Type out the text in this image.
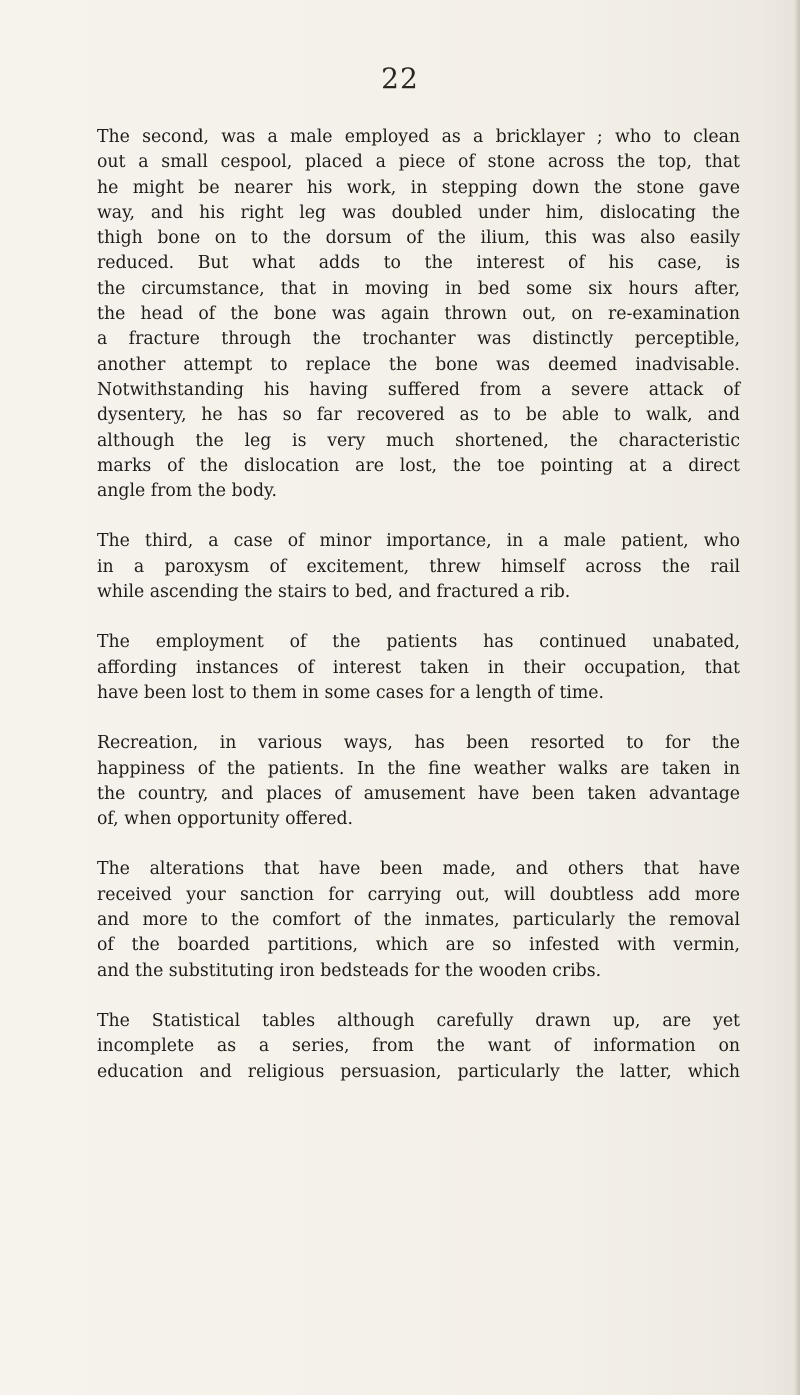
22

The second, was a male employed as a bricklayer ; who to clean
out a small cespool, placed a piece of stone across the top, that
he might be nearer his work, in stepping down the stone gave
way, and his right leg was doubled under him, dislocating the
thigh bone on to the dorsum of the ilium, this was also easily
reduced. But what adds to the interest of his case, is
the circumstance, that in moving in bed some six hours after,
the head of the bone was again thrown out, on re-examination
a fracture through the trochanter was distinctly perceptible,
another attempt to replace the bone was deemed inadvisable.
Notwithstanding his having suffered from a severe attack of
dysentery, he has so far recovered as to be able to walk, and
although the leg is very much shortened, the characteristic
marks of the dislocation are lost, the toe pointing at a direct
angle from the body.

The third, a case of minor importance, in a male patient, who
in a paroxysm of excitement, threw himself across the rail
while ascending the stairs to bed, and fractured a rib.

The employment of the patients has continued unabated,
affording instances of interest taken in their occupation, that
have been lost to them in some cases for a length of time.

Recreation, in various ways, has been resorted to for the
happiness of the patients. In the fine weather walks are taken in
the country, and places of amusement have been taken advantage
of, when opportunity offered.

The alterations that have been made, and others that have
received your sanction for carrying out, will doubtless add more
and more to the comfort of the inmates, particularly the removal
of the boarded partitions, which are so infested with vermin,
and the substituting iron bedsteads for the wooden cribs.

The Statistical tables although carefully drawn up, are yet
incomplete as a series, from the want of information on
education and religious persuasion, particularly the latter, which
